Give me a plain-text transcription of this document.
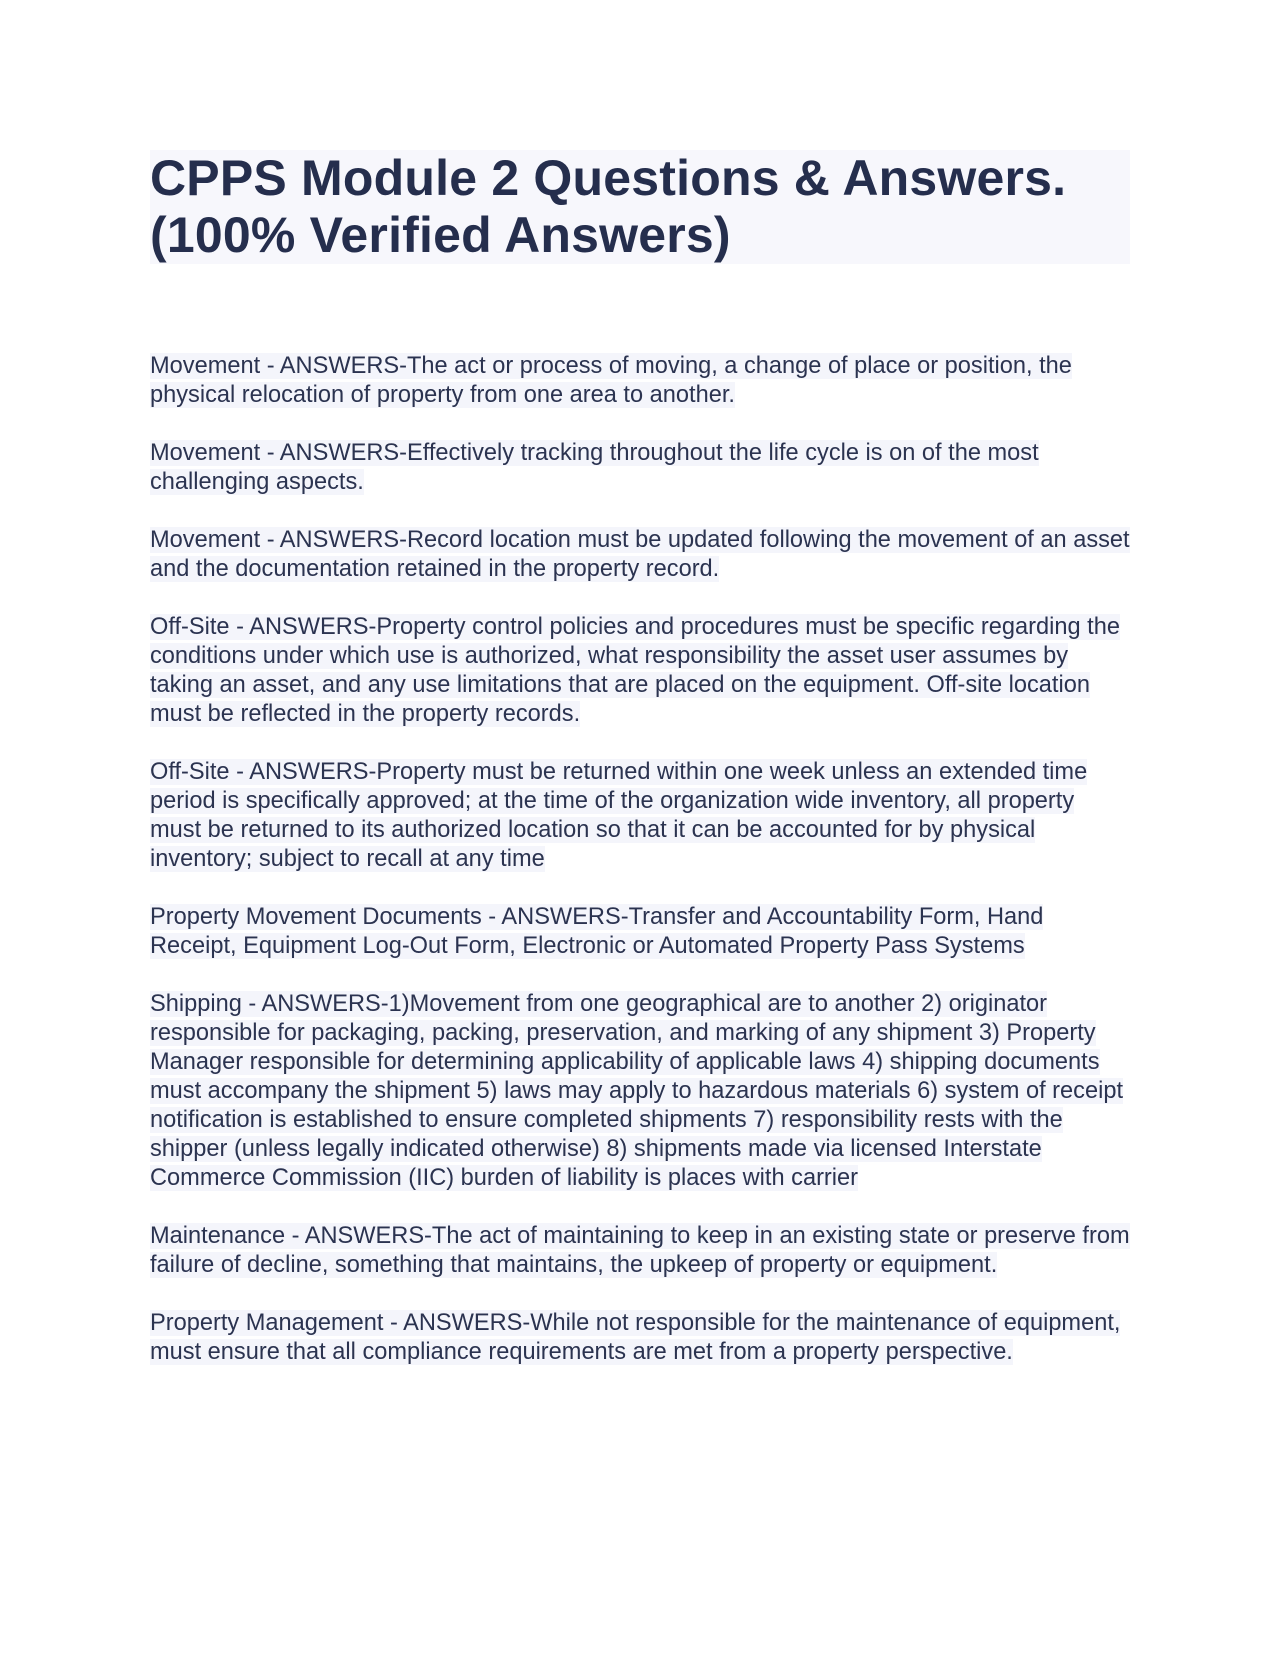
CPPS Module 2 Questions & Answers.
(100% Verified Answers)

Movement - ANSWERS-The act or process of moving, a change of place or position, the physical relocation of property from one area to another.

Movement - ANSWERS-Effectively tracking throughout the life cycle is on of the most challenging aspects.

Movement - ANSWERS-Record location must be updated following the movement of an asset and the documentation retained in the property record.

Off-Site - ANSWERS-Property control policies and procedures must be specific regarding the conditions under which use is authorized, what responsibility the asset user assumes by taking an asset, and any use limitations that are placed on the equipment. Off-site location must be reflected in the property records.

Off-Site - ANSWERS-Property must be returned within one week unless an extended time period is specifically approved; at the time of the organization wide inventory, all property must be returned to its authorized location so that it can be accounted for by physical inventory; subject to recall at any time

Property Movement Documents - ANSWERS-Transfer and Accountability Form, Hand Receipt, Equipment Log-Out Form, Electronic or Automated Property Pass Systems

Shipping - ANSWERS-1)Movement from one geographical are to another 2) originator responsible for packaging, packing, preservation, and marking of any shipment 3) Property Manager responsible for determining applicability of applicable laws 4) shipping documents must accompany the shipment 5) laws may apply to hazardous materials 6) system of receipt notification is established to ensure completed shipments 7) responsibility rests with the shipper (unless legally indicated otherwise) 8) shipments made via licensed Interstate Commerce Commission (IIC) burden of liability is places with carrier

Maintenance - ANSWERS-The act of maintaining to keep in an existing state or preserve from failure of decline, something that maintains, the upkeep of property or equipment.

Property Management - ANSWERS-While not responsible for the maintenance of equipment, must ensure that all compliance requirements are met from a property perspective.
